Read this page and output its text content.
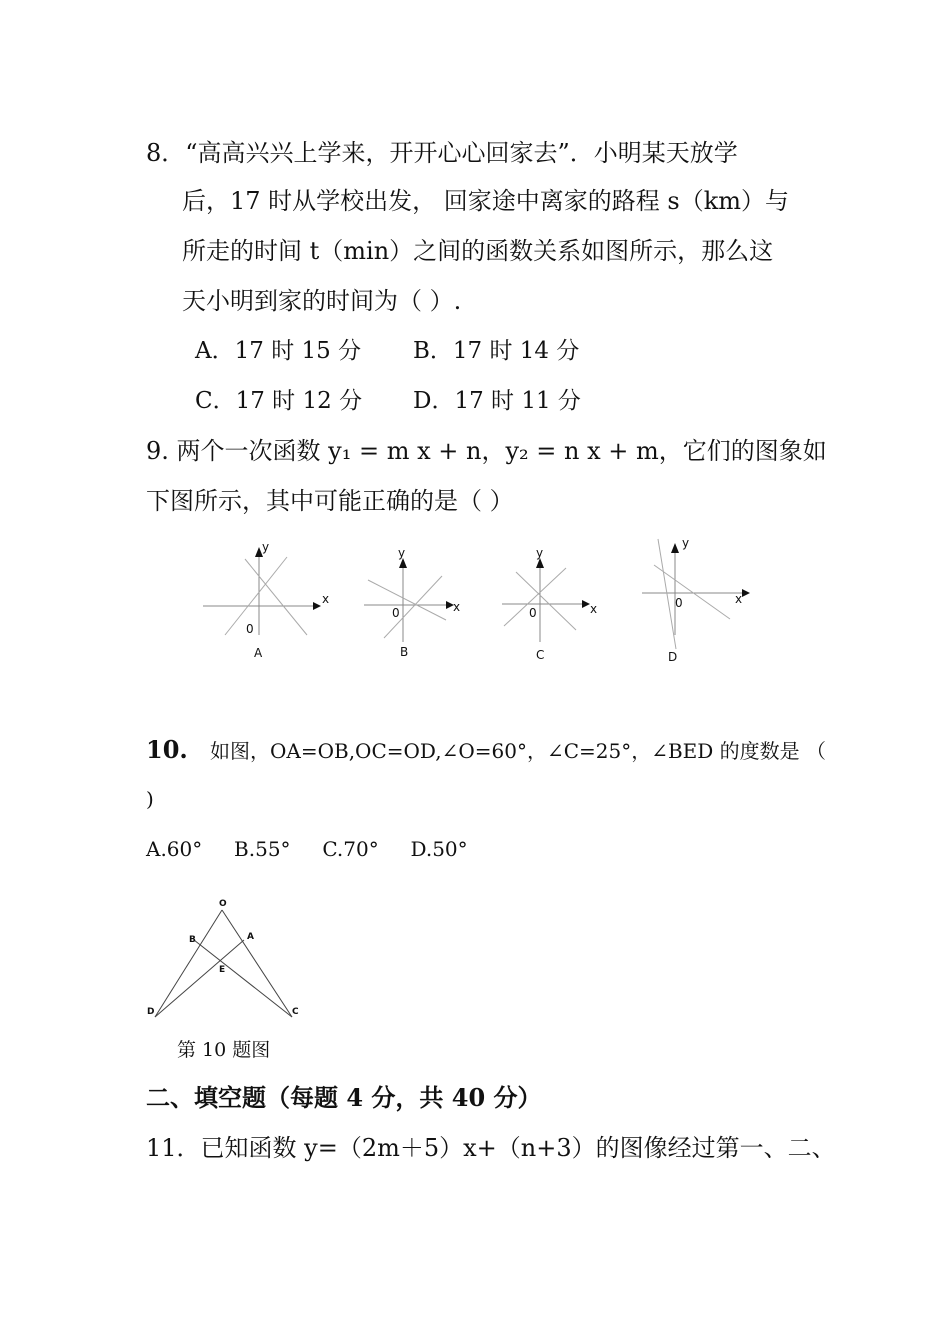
8．“高高兴兴上学来，开开心心回家去”．小明某天放学
后，17 时从学校出发， 回家途中离家的路程 s（km）与
所走的时间 t（min）之间的函数关系如图所示，那么这
天小明到家的时间为（ ）.
A．17 时 15 分 B．17 时 14 分
C．17 时 12 分 D．17 时 11 分
9. 两个一次函数 y₁ = m x + n，y₂ = n x + m，它们的图象如
下图所示，其中可能正确的是（ ）
y
x
0
A
y
x
0
B
y
x
0
C
y
x
0
D
10. 如图，OA=OB,OC=OD,∠O=60°，∠C=25°，∠BED 的度数是 （
)
A.60°     B.55°     C.70°     D.50°
O
B	A
E
D	C
第 10 题图
二、填空题（每题 4 分，共 40 分）
11．已知函数 y=（2m＋5）x+（n+3）的图像经过第一、二、
